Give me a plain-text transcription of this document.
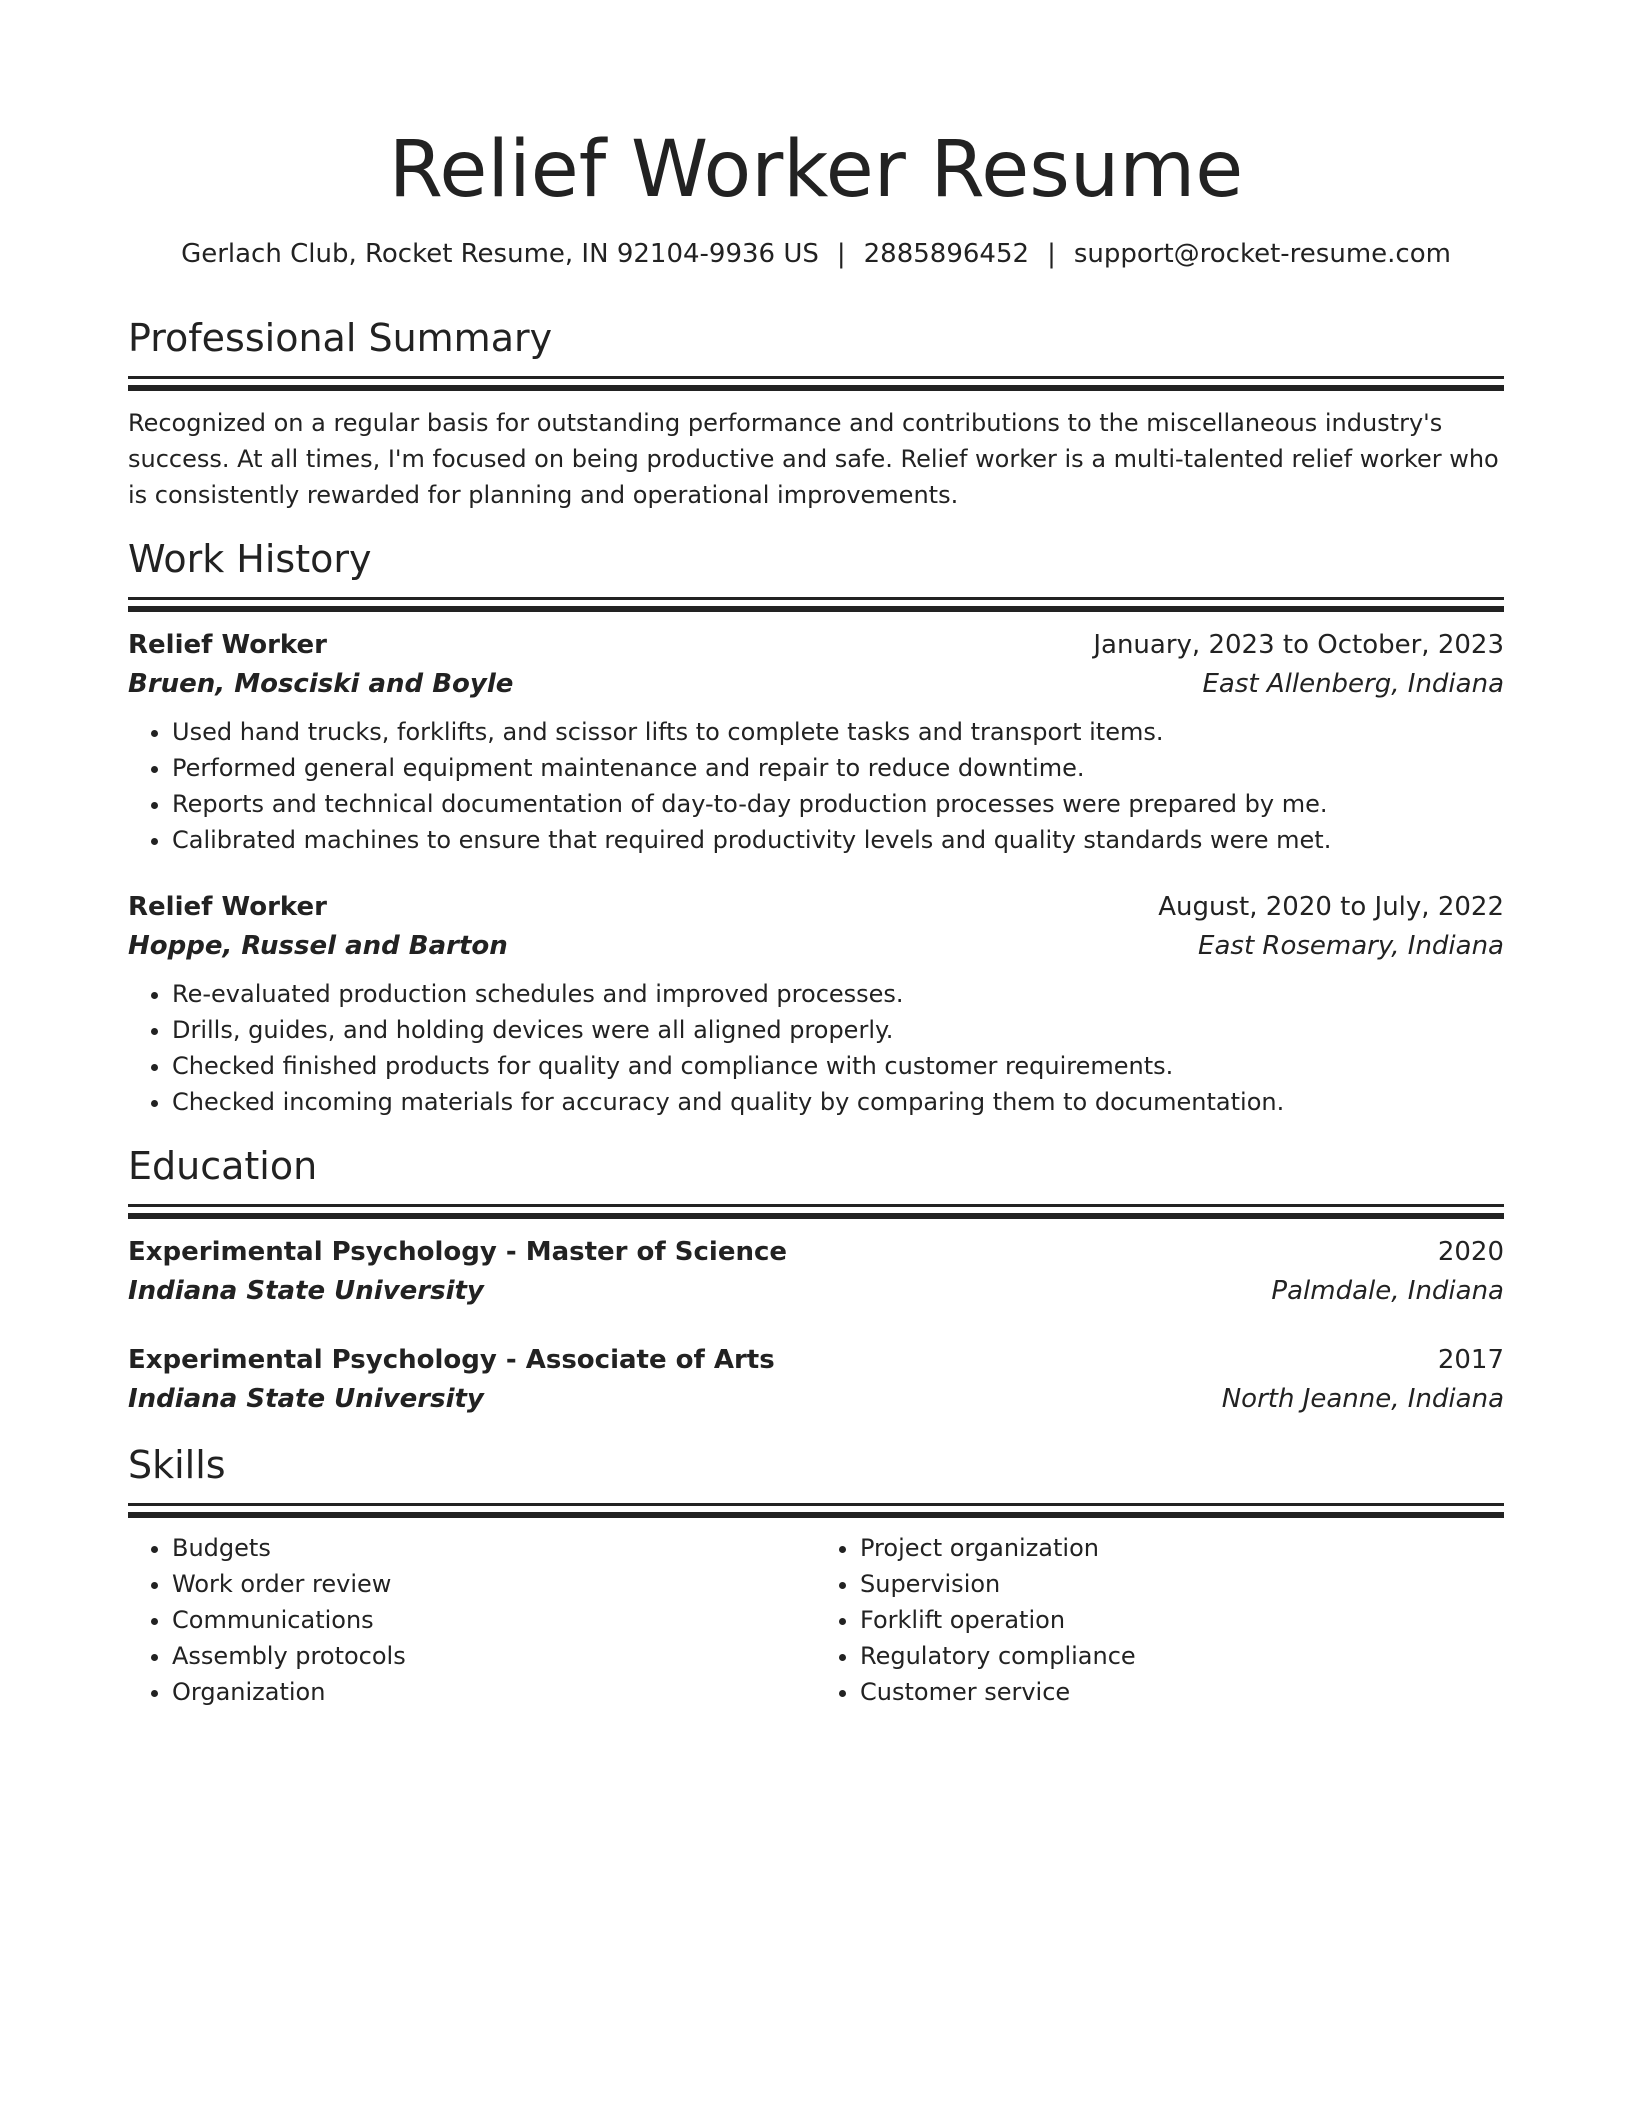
Relief Worker Resume
Gerlach Club, Rocket Resume, IN 92104-9936 US | 2885896452 | support@rocket-resume.com
Professional Summary
Recognized on a regular basis for outstanding performance and contributions to the miscellaneous industry's success. At all times, I'm focused on being productive and safe. Relief worker is a multi-talented relief worker who is consistently rewarded for planning and operational improvements.
Work History
Relief Worker	January, 2023 to October, 2023
Bruen, Mosciski and Boyle	East Allenberg, Indiana
• Used hand trucks, forklifts, and scissor lifts to complete tasks and transport items.
• Performed general equipment maintenance and repair to reduce downtime.
• Reports and technical documentation of day-to-day production processes were prepared by me.
• Calibrated machines to ensure that required productivity levels and quality standards were met.
Relief Worker	August, 2020 to July, 2022
Hoppe, Russel and Barton	East Rosemary, Indiana
• Re-evaluated production schedules and improved processes.
• Drills, guides, and holding devices were all aligned properly.
• Checked finished products for quality and compliance with customer requirements.
• Checked incoming materials for accuracy and quality by comparing them to documentation.
Education
Experimental Psychology - Master of Science	2020
Indiana State University	Palmdale, Indiana
Experimental Psychology - Associate of Arts	2017
Indiana State University	North Jeanne, Indiana
Skills
• Budgets
• Work order review
• Communications
• Assembly protocols
• Organization
• Project organization
• Supervision
• Forklift operation
• Regulatory compliance
• Customer service
